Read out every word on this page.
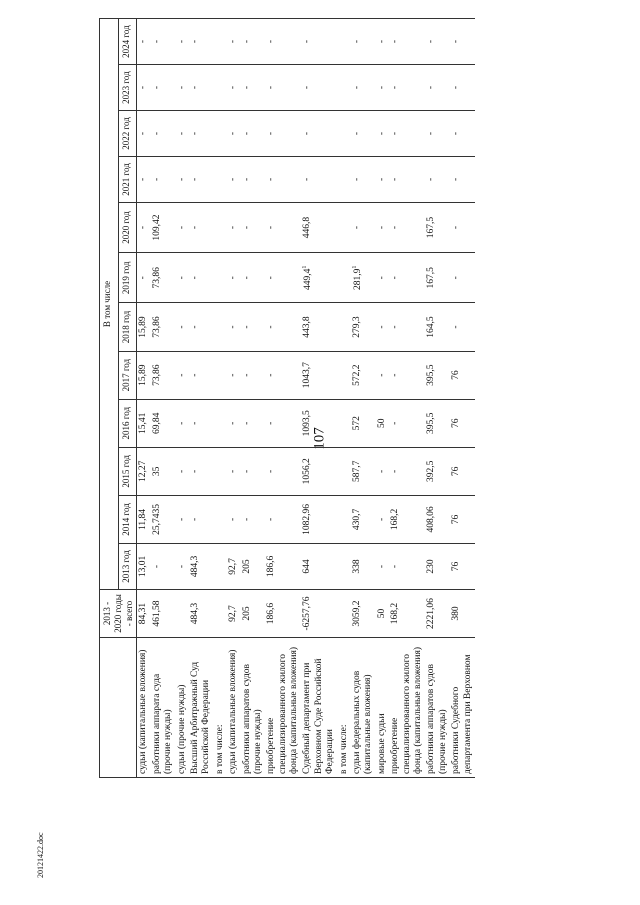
107
	2013 - 2020 годы - всего	В том числе											
		2013 год	2014 год	2015 год	2016 год	2017 год	2018 год	2019 год	2020 год	2021 год	2022 год	2023 год	2024 год
судьи (капитальные вложения)	84,31	13,01	11,84	12,27	15,41	15,89	15,89	-	-	-	-	-	-
работники аппарата суда (прочие нужды)	461,58	-	25,7435	35	69,84	73,86	73,86	73,86	109,42	-	-	-	-
судьи (прочие нужды)		-	-	-	-	-	-	-	-	-	-	-	-
Высший Арбитражный Суд Российской Федерации	484,3	484,3	-	-	-	-	-	-	-	-	-	-	-
в том числе:													
судьи (капитальные вложения)	92,7	92,7	-	-	-	-	-	-	-	-	-	-	-
работники аппаратов судов (прочие нужды)	205	205	-	-	-	-	-	-	-	-	-	-	-
приобретение специализированного жилого фонда (капитальные вложения)	186,6	186,6	-	-	-	-	-	-	-	-	-	-	-
Судебный департамент при Верховном Суде Российской Федерации	-6257,76	644	1082,96	1056,2	1093,5	1043,7	443,8	449,4$^1$	446,8	-	-	-	-
в том числе:													
судьи федеральных судов (капитальные вложения)	3059,2	338	430,7	587,7	572	572,2	279,3	281,9$^1$	-	-	-	-	-
мировые судьи	50	-	-	-	50	-	-	-	-	-	-	-	-
приобретение специализированного жилого фонда (капитальные вложения)	168,2	-	168,2	-	-	-	-	-	-	-	-	-	-
работники аппаратов судов (прочие нужды)	2221,06	230	408,06	392,5	395,5	395,5	164,5	167,5	167,5	-	-	-	-
работники Судебного департамента при Верховном	380	76	76	76	76	76	-	-	-	-	-	-	-
20121422.doc
